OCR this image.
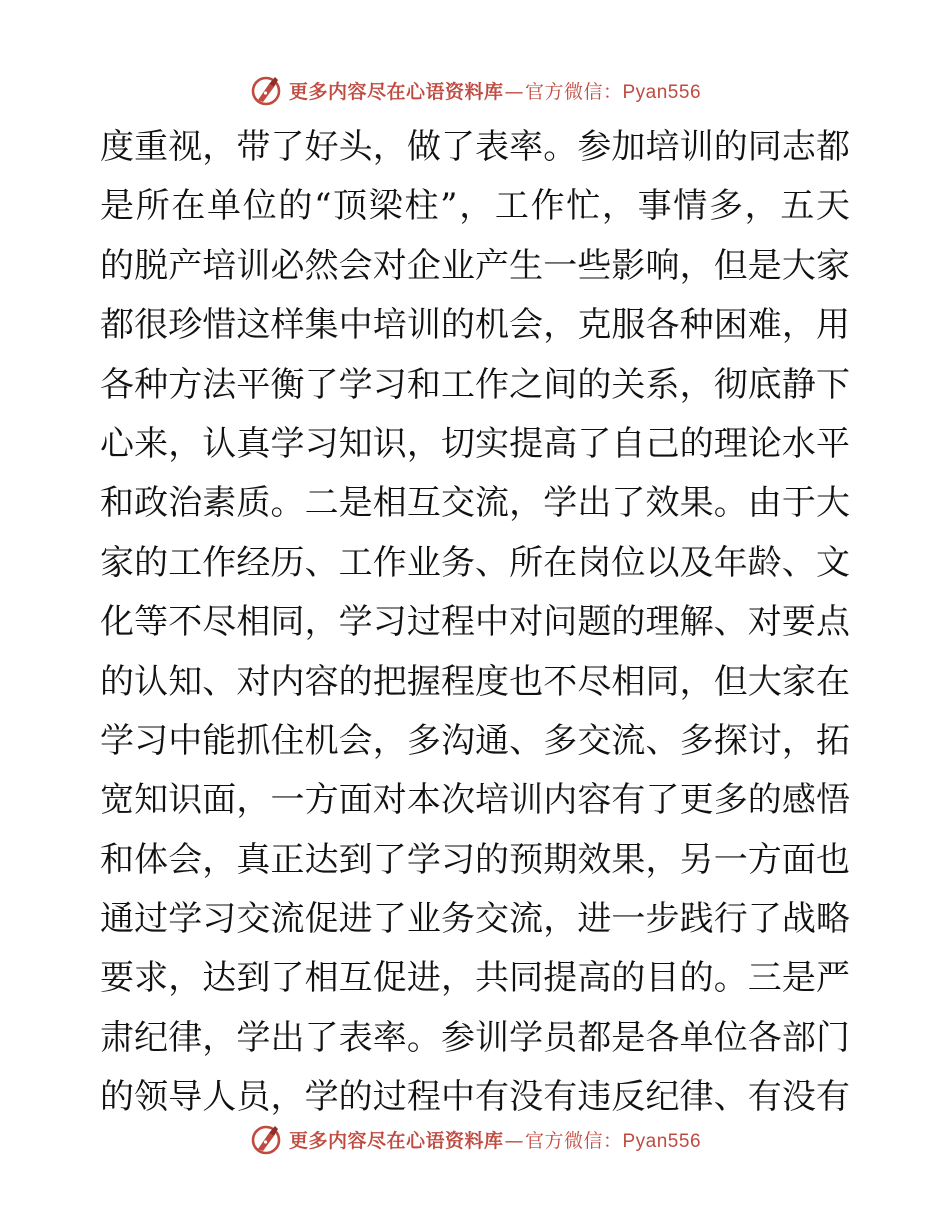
更多内容尽在心语资料库 — 官方微信： Pyan556
度重视，带了好头，做了表率。参加培训的同志都
是所在单位的“顶梁柱”，工作忙，事情多，五天
的脱产培训必然会对企业产生一些影响，但是大家
都很珍惜这样集中培训的机会，克服各种困难，用
各种方法平衡了学习和工作之间的关系，彻底静下
心来，认真学习知识，切实提高了自己的理论水平
和政治素质。二是相互交流，学出了效果。由于大
家的工作经历、工作业务、所在岗位以及年龄、文
化等不尽相同，学习过程中对问题的理解、对要点
的认知、对内容的把握程度也不尽相同，但大家在
学习中能抓住机会，多沟通、多交流、多探讨，拓
宽知识面，一方面对本次培训内容有了更多的感悟
和体会，真正达到了学习的预期效果，另一方面也
通过学习交流促进了业务交流，进一步践行了战略
要求，达到了相互促进，共同提高的目的。三是严
肃纪律，学出了表率。参训学员都是各单位各部门
的领导人员，学的过程中有没有违反纪律、有没有
更多内容尽在心语资料库 — 官方微信： Pyan556
